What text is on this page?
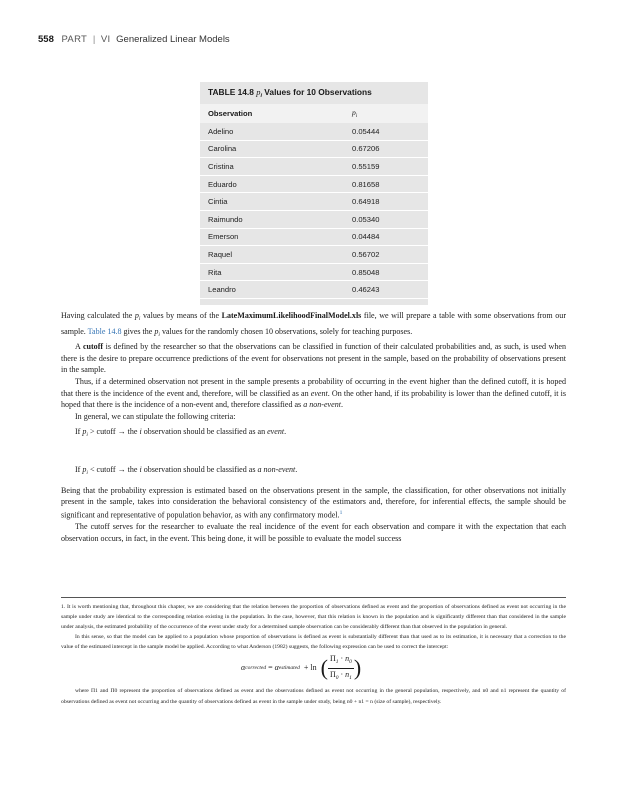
558 PART | VI Generalized Linear Models
TABLE 14.8 $p_i$ Values for 10 Observations
Observation	$p_i$
Adelino	0.05444
Carolina	0.67206
Cristina	0.55159
Eduardo	0.81658
Cintia	0.64918
Raimundo	0.05340
Emerson	0.04484
Raquel	0.56702
Rita	0.85048
Leandro	0.46243

Having calculated the $p_i$ values by means of the LateMaximumLikelihoodFinalModel.xls file, we will prepare a table with some observations from our sample. Table 14.8 gives the $p_i$ values for the randomly chosen 10 observations, solely for teaching purposes.

A cutoff is defined by the researcher so that the observations can be classified in function of their calculated probabilities and, as such, is used when there is the desire to prepare occurrence predictions of the event for observations not present in the sample, based on the probability of observations present in the sample.

Thus, if a determined observation not present in the sample presents a probability of occurring in the event higher than the defined cutoff, it is hoped that there is the incidence of the event and, therefore, will be classified as an event. On the other hand, if its probability is lower than the defined cutoff, it is hoped that there is the incidence of a non-event and, therefore classified as a non-event.

In general, we can stipulate the following criteria:

If $p_i$ > cutoff → the i observation should be classified as an event.

If $p_i$ < cutoff → the i observation should be classified as a non-event.

Being that the probability expression is estimated based on the observations present in the sample, the classification, for other observations not initially present in the sample, takes into consideration the behavioral consistency of the estimators and, therefore, for inferential effects, the sample should be significant and representative of population behavior, as with any confirmatory model.$^1$

The cutoff serves for the researcher to evaluate the real incidence of the event for each observation and compare it with the expectation that each observation occurs, in fact, in the event. This being done, it will be possible to evaluate the model success

1. It is worth mentioning that, throughout this chapter, we are considering that the relation between the proportion of observations defined as event and the proportion of observations defined as event not occurring in the sample under study are identical to the corresponding relation existing in the population. In the case, however, that this relation is known in the population and is significantly different than that considered in the sample under analysis, the estimated probability of the occurrence of the event under study for a determined sample observation can be considerably different than that observed in the population in general.

In this sense, so that the model can be applied to a population whose proportion of observations is defined as event is substantially different than that used as to its estimation, it is necessary that a correction to the value of the estimated intercept in the sample model be applied. According to what Anderson (1982) suggests, the following expression can be used to correct the intercept:

α corrected = α estimated + ln ( $\frac{\Pi_1 \cdot n_0}{\Pi_0 \cdot n_1}$ )

where Π1 and Π0 represent the proportion of observations defined as event and the observations defined as event not occurring in the general population, respectively, and n0 and n1 represent the quantity of observations defined as event not occurring and the quantity of observations defined as event in the sample under study, being n0 + n1 = n (size of sample), respectively.
